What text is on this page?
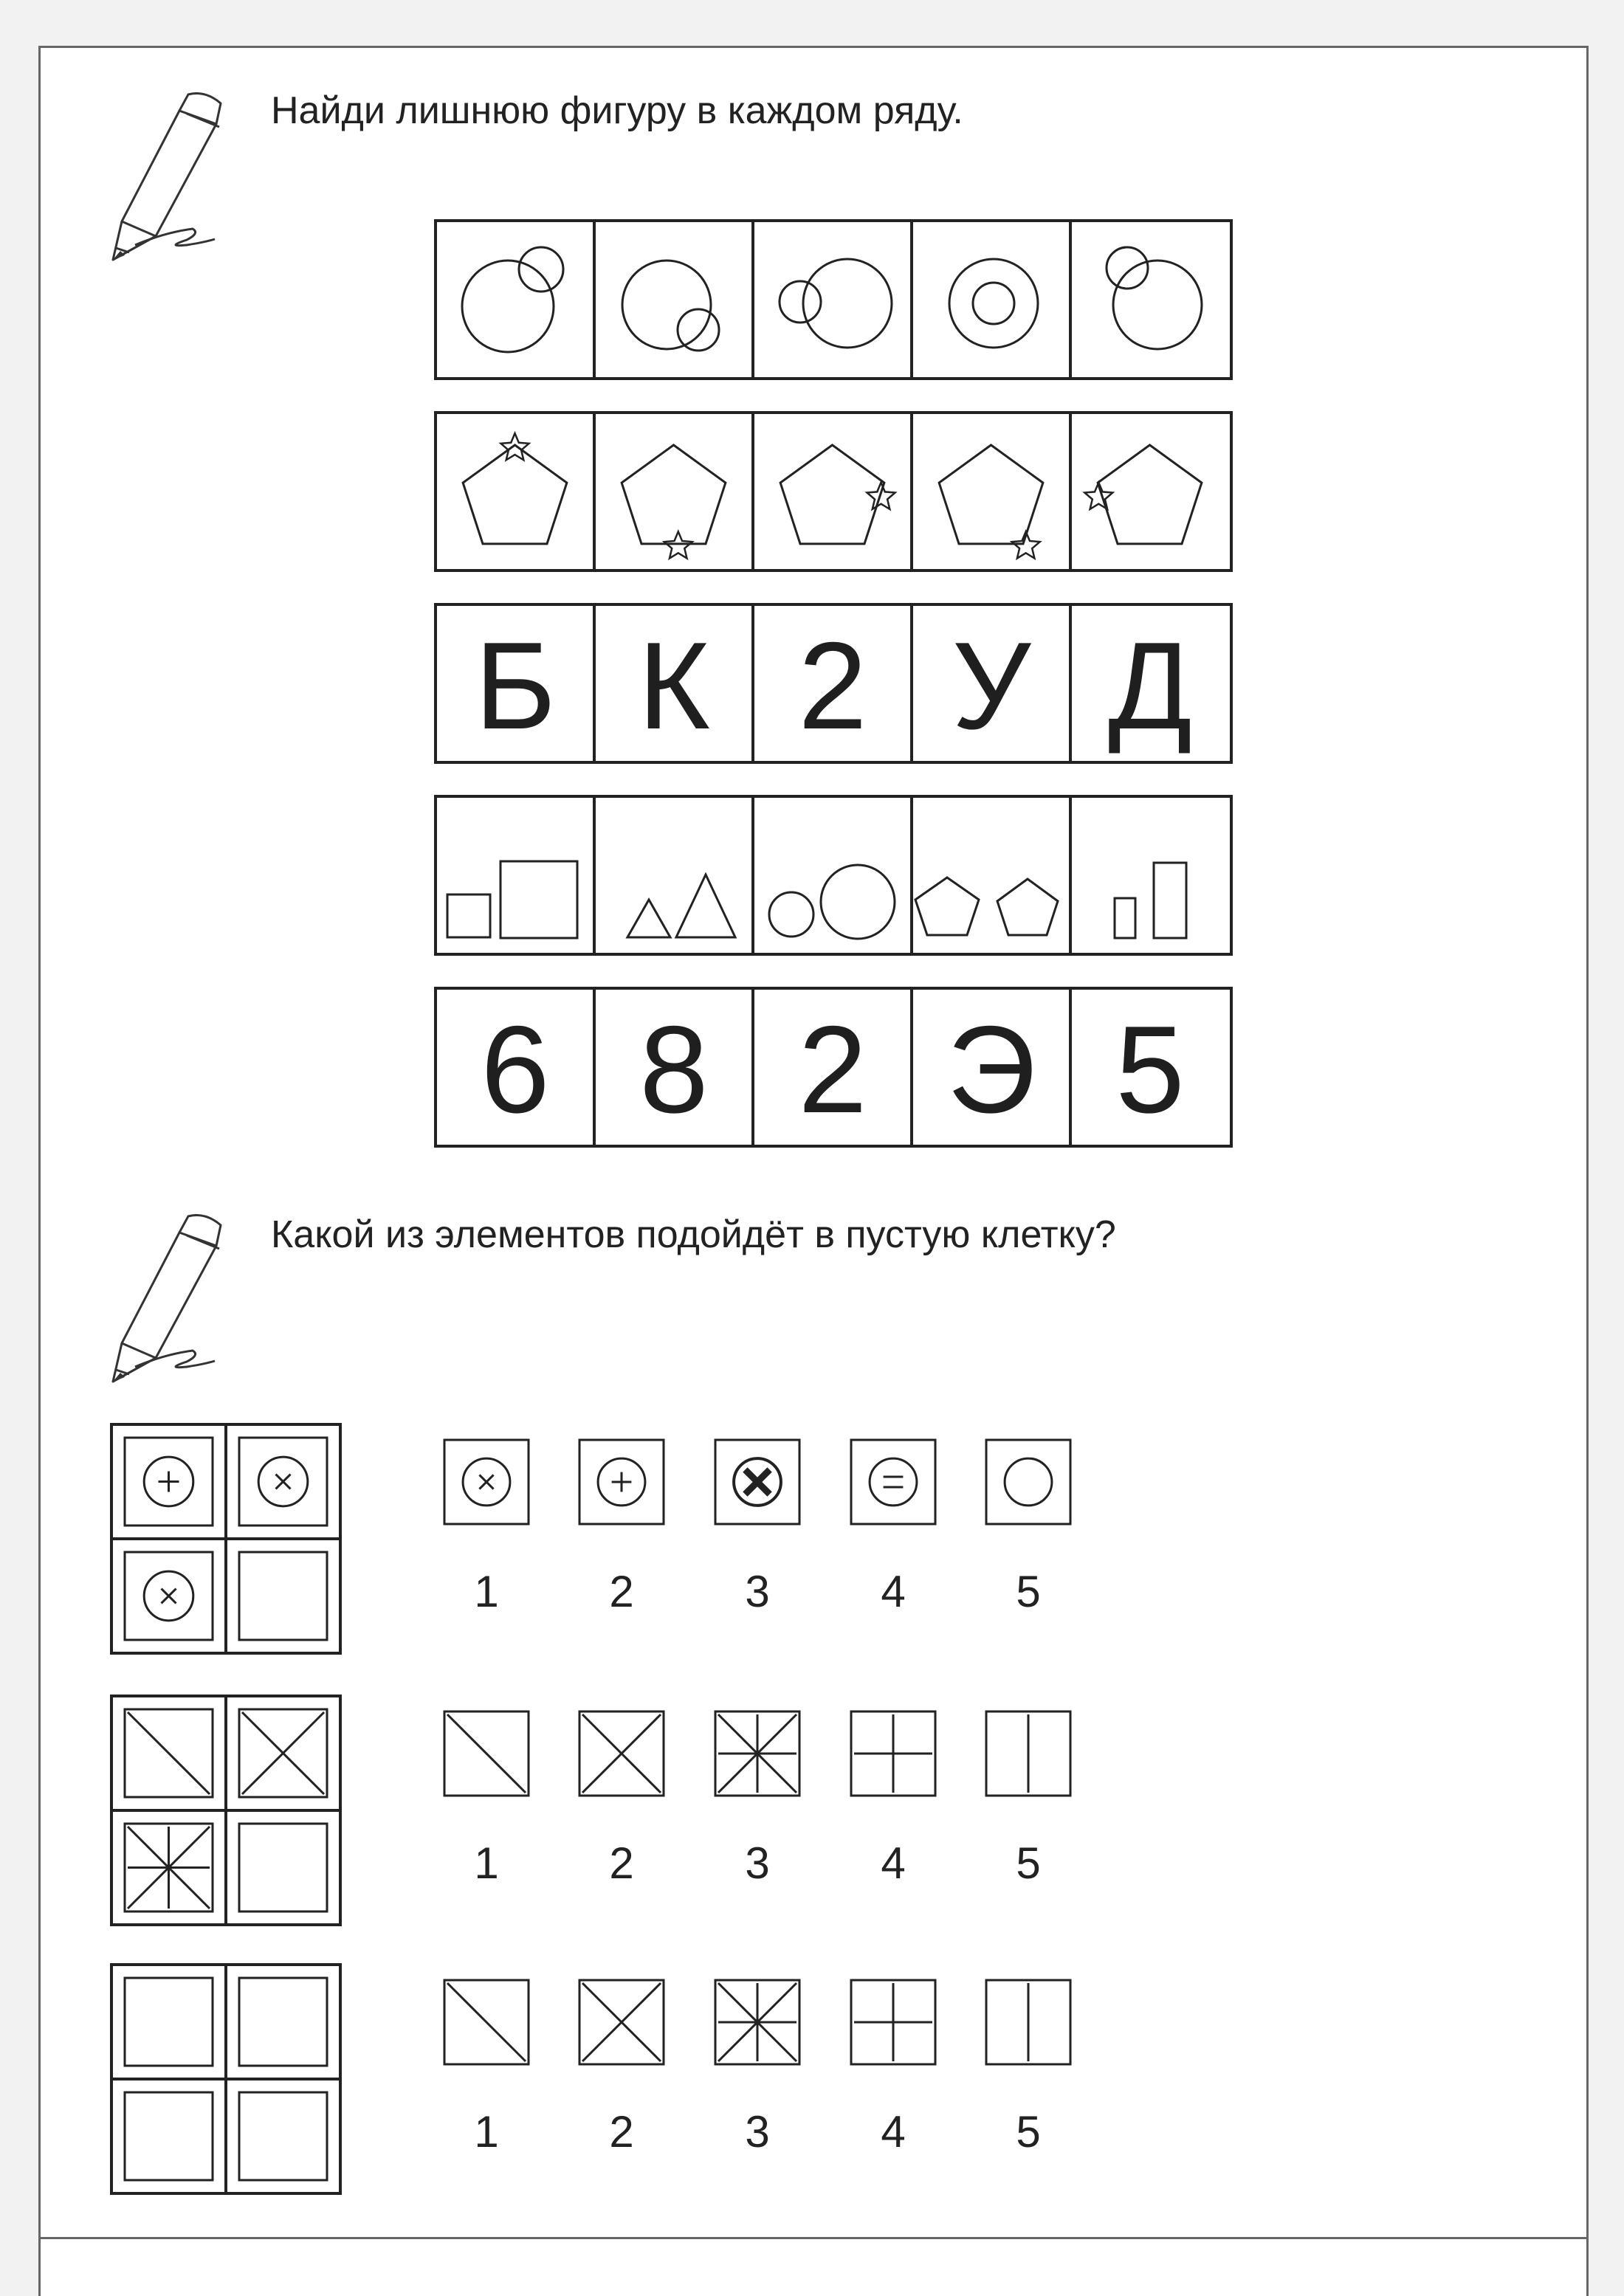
Найди лишнюю фигуру в каждом ряду.
Б К 2 У Д
6 8 2 Э 5
Какой из элементов подойдёт в пустую клетку?
1	2	3	4	5
1	2	3	4	5
1	2	3	4	5
